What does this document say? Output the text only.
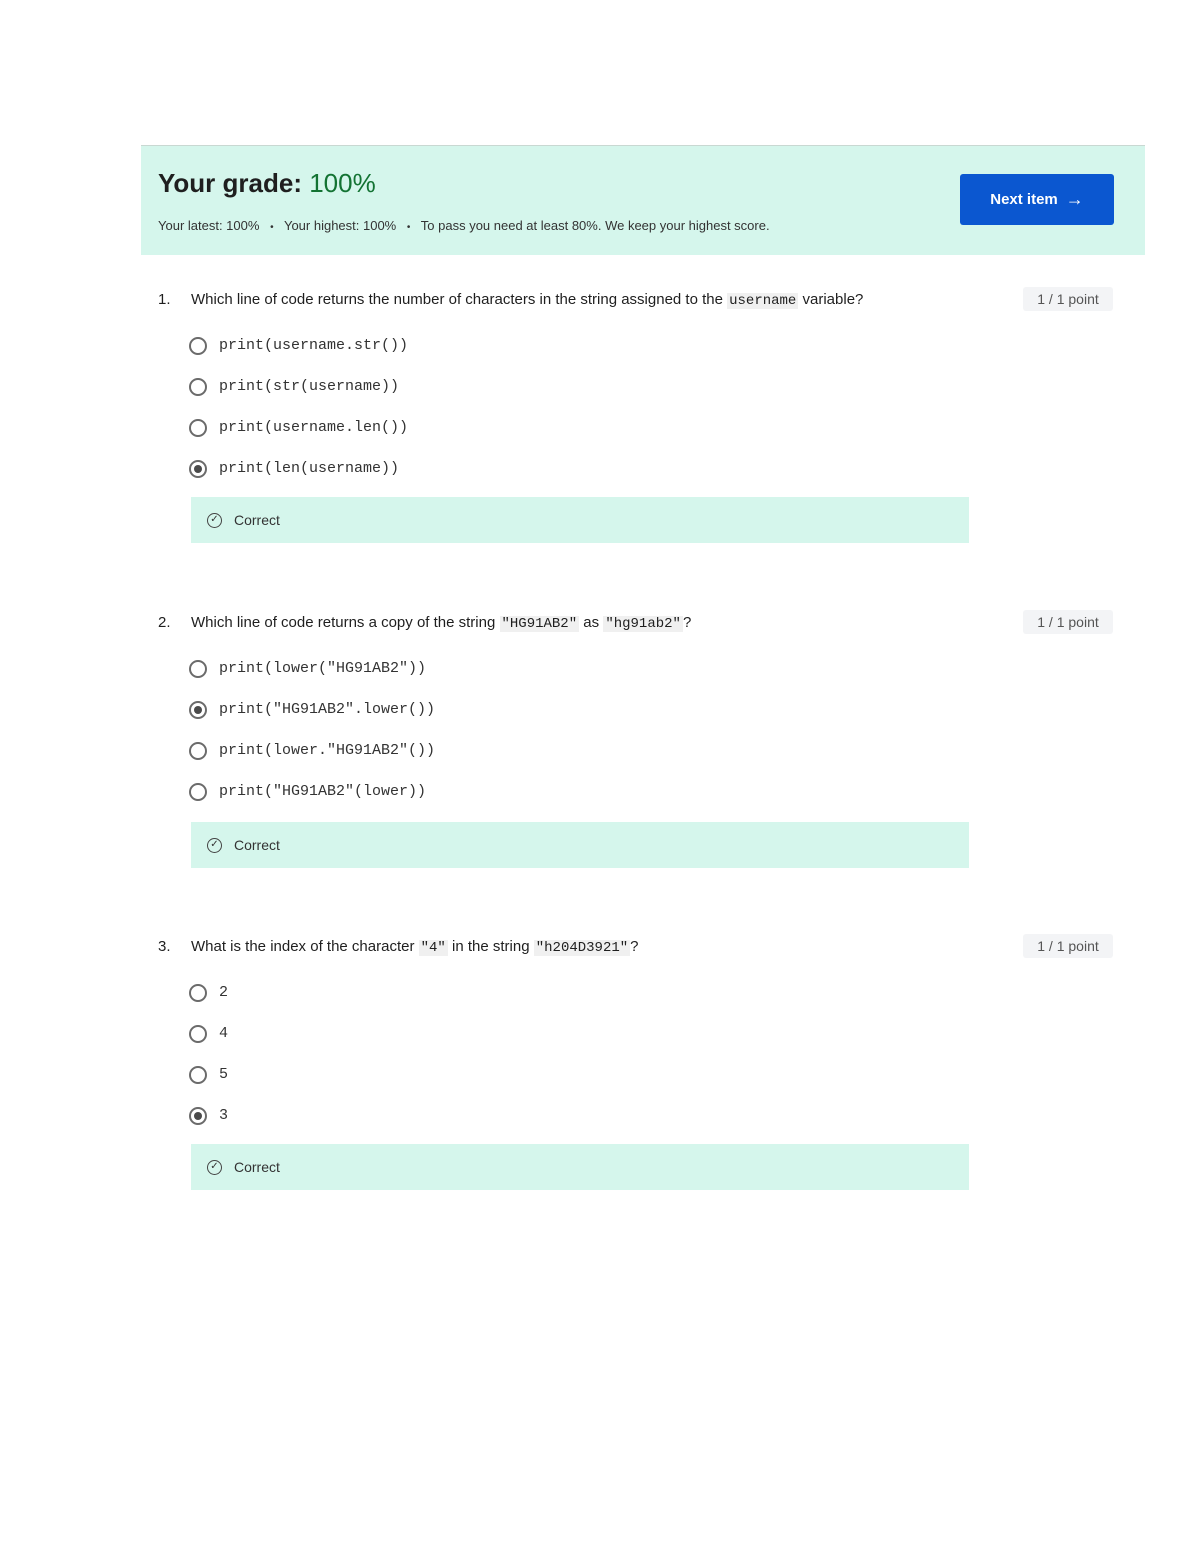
Your grade: 100%
Your latest: 100% • Your highest: 100% • To pass you need at least 80%. We keep your highest score.
Next item →
1. Which line of code returns the number of characters in the string assigned to the username variable?	1 / 1 point
print(username.str())
print(str(username))
print(username.len())
print(len(username))
✓ Correct
2. Which line of code returns a copy of the string "HG91AB2" as "hg91ab2" ?	1 / 1 point
print(lower("HG91AB2"))
print("HG91AB2".lower())
print(lower."HG91AB2"())
print("HG91AB2"(lower))
✓ Correct
3. What is the index of the character "4" in the string "h204D3921" ?	1 / 1 point
2
4
5
3
✓ Correct
